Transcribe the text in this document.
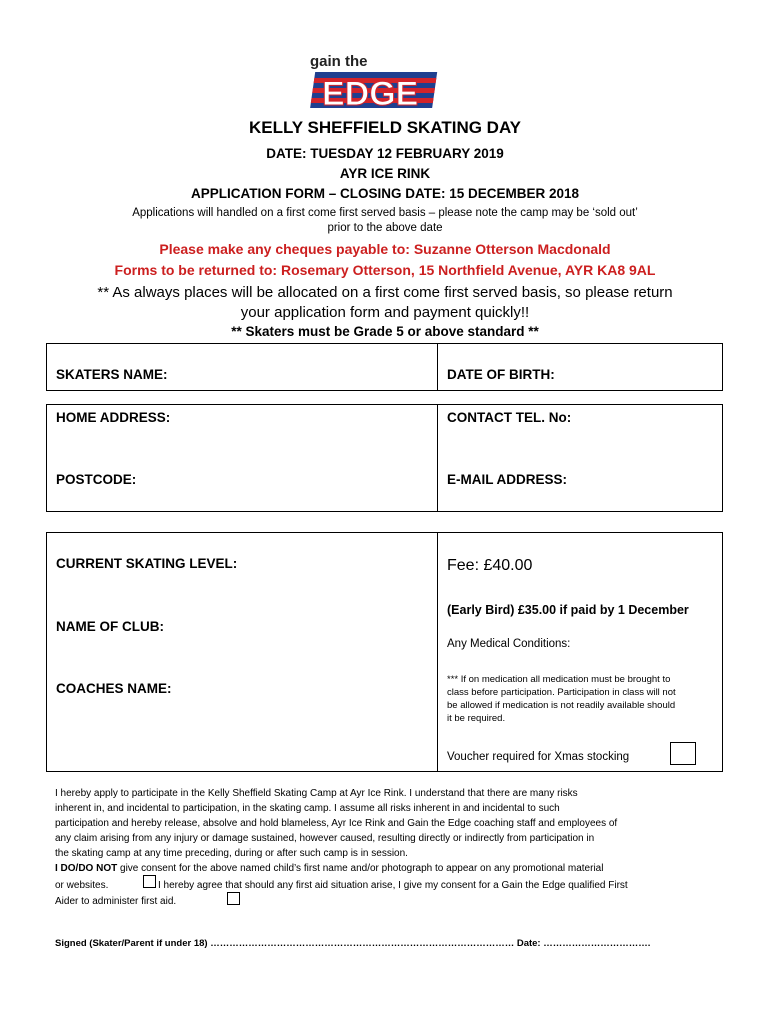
gain the
EDGE
KELLY SHEFFIELD SKATING DAY
DATE: TUESDAY 12 FEBRUARY 2019
AYR ICE RINK
APPLICATION FORM – CLOSING DATE: 15 DECEMBER 2018
Applications will handled on a first come first served basis – please note the camp may be ‘sold out’
prior to the above date
Please make any cheques payable to: Suzanne Otterson Macdonald
Forms to be returned to: Rosemary Otterson, 15 Northfield Avenue, AYR KA8 9AL
** As always places will be allocated on a first come first served basis, so please return
your application form and payment quickly!!
** Skaters must be Grade 5 or above standard **
SKATERS NAME:	DATE OF BIRTH:
HOME ADDRESS:	CONTACT TEL. No:
POSTCODE:	E-MAIL ADDRESS:
CURRENT SKATING LEVEL:
NAME OF CLUB:
COACHES NAME:
Fee: £40.00
(Early Bird) £35.00 if paid by 1 December
Any Medical Conditions:
*** If on medication all medication must be brought to
class before participation. Participation in class will not
be allowed if medication is not readily available should
it be required.
Voucher required for Xmas stocking
I hereby apply to participate in the Kelly Sheffield Skating Camp at Ayr Ice Rink. I understand that there are many risks
inherent in, and incidental to participation, in the skating camp. I assume all risks inherent in and incidental to such
participation and hereby release, absolve and hold blameless, Ayr Ice Rink and Gain the Edge coaching staff and employees of
any claim arising from any injury or damage sustained, however caused, resulting directly or indirectly from participation in
the skating camp at any time preceding, during or after such camp is in session.
I DO/DO NOT give consent for the above named child’s first name and/or photograph to appear on any promotional material
or websites.	I hereby agree that should any first aid situation arise, I give my consent for a Gain the Edge qualified First
Aider to administer first aid.
Signed (Skater/Parent if under 18) …………………………………………………………………………………… Date: …………………………….
